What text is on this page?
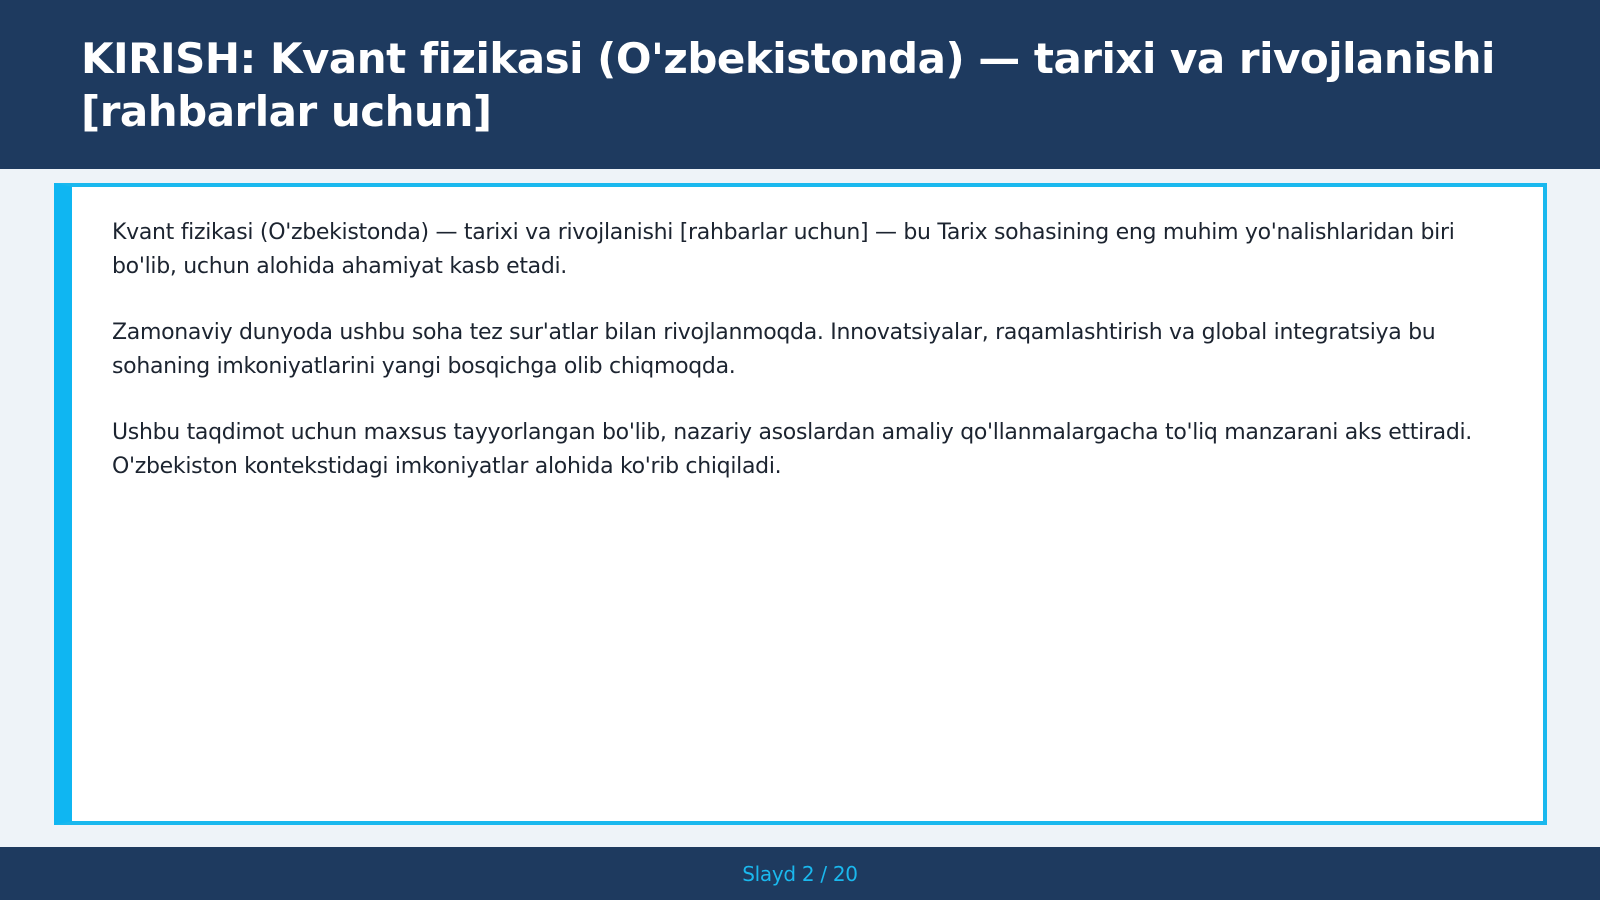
KIRISH: Kvant fizikasi (O'zbekistonda) — tarixi va rivojlanishi [rahbarlar uchun]

Kvant fizikasi (O'zbekistonda) — tarixi va rivojlanishi [rahbarlar uchun] — bu Tarix sohasining eng muhim yo'nalishlaridan biri bo'lib, uchun alohida ahamiyat kasb etadi.

Zamonaviy dunyoda ushbu soha tez sur'atlar bilan rivojlanmoqda. Innovatsiyalar, raqamlashtirish va global integratsiya bu sohaning imkoniyatlarini yangi bosqichga olib chiqmoqda.

Ushbu taqdimot uchun maxsus tayyorlangan bo'lib, nazariy asoslardan amaliy qo'llanmalargacha to'liq manzarani aks ettiradi. O'zbekiston kontekstidagi imkoniyatlar alohida ko'rib chiqiladi.

Slayd 2 / 20
